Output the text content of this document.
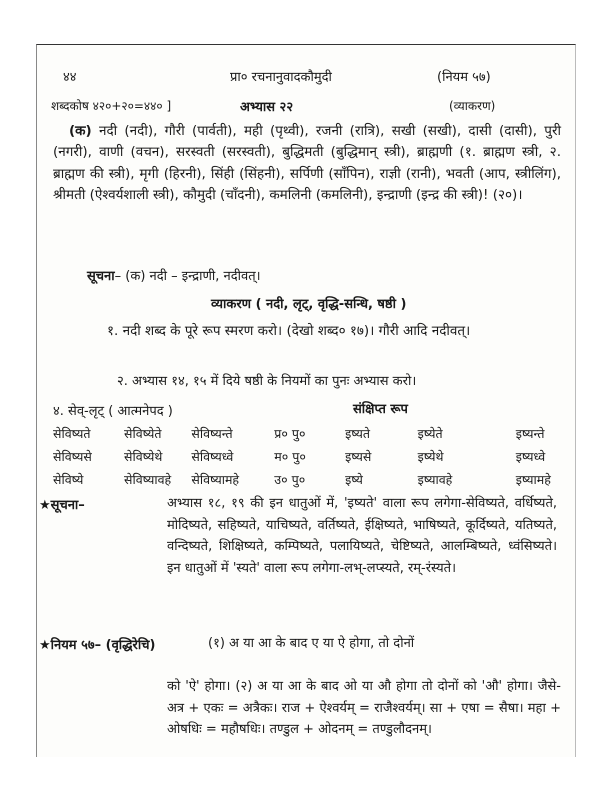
४४	प्रा० रचनानुवादकौमुदी	(नियम ५७)
शब्दकोष ४२०+२०=४४० ]	अभ्यास २२	(व्याकरण)
(क) नदी (नदी), गौरी (पार्वती), मही (पृथ्वी), रजनी (रात्रि), सखी (सखी), दासी (दासी), पुरी (नगरी), वाणी (वचन), सरस्वती (सरस्वती), बुद्धिमती (बुद्धिमान् स्त्री), ब्राह्मणी (१. ब्राह्मण स्त्री, २. ब्राह्मण की स्त्री), मृगी (हिरनी), सिंही (सिंहनी), सर्पिणी (साँपिन), राज्ञी (रानी), भवती (आप, स्त्रीलिंग), श्रीमती (ऐश्वर्यशाली स्त्री), कौमुदी (चाँदनी), कमलिनी (कमलिनी), इन्द्राणी (इन्द्र की स्त्री)! (२०)।
सूचना– (क) नदी – इन्द्राणी, नदीवत्।
व्याकरण ( नदी, लृट्, वृद्धि-सन्धि, षष्ठी )
१. नदी शब्द के पूरे रूप स्मरण करो। (देखो शब्द० १७)। गौरी आदि नदीवत्।
२. अभ्यास १४, १५ में दिये षष्ठी के नियमों का पुनः अभ्यास करो।
४. सेव्-लृट् ( आत्मनेपद )	संक्षिप्त रूप
सेविष्यते	सेविष्येते	सेविष्यन्ते	प्र० पु०	इष्यते	इष्येते	इष्यन्ते
सेविष्यसे	सेविष्येथे	सेविष्यध्वे	म० पु०	इष्यसे	इष्येथे	इष्यध्वे
सेविष्ये	सेविष्यावहे	सेविष्यामहे	उ० पु०	इष्ये	इष्यावहे	इष्यामहे
★सूचना–	अभ्यास १८, १९ की इन धातुओं में, 'इष्यते' वाला रूप लगेगा-सेविष्यते, वर्धिष्यते, मोदिष्यते, सहिष्यते, याचिष्यते, वर्तिष्यते, ईक्षिष्यते, भाषिष्यते, कूर्दिष्यते, यतिष्यते, वन्दिष्यते, शिक्षिष्यते, कम्पिष्यते, पलायिष्यते, चेष्टिष्यते, आलम्बिष्यते, ध्वंसिष्यते। इन धातुओं में 'स्यते' वाला रूप लगेगा-लभ्-लप्स्यते, रम्-रंस्यते।
★नियम ५७– (वृद्धिरेचि)	(१) अ या आ के बाद ए या ऐ होगा, तो दोनों
को 'ऐ' होगा। (२) अ या आ के बाद ओ या औ होगा तो दोनों को 'औ' होगा। जैसे-अत्र + एकः = अत्रैकः। राज + ऐश्वर्यम् = राजैश्वर्यम्। सा + एषा = सैषा। महा + ओषधिः = महौषधिः। तण्डुल + ओदनम् = तण्डुलौदनम्।
